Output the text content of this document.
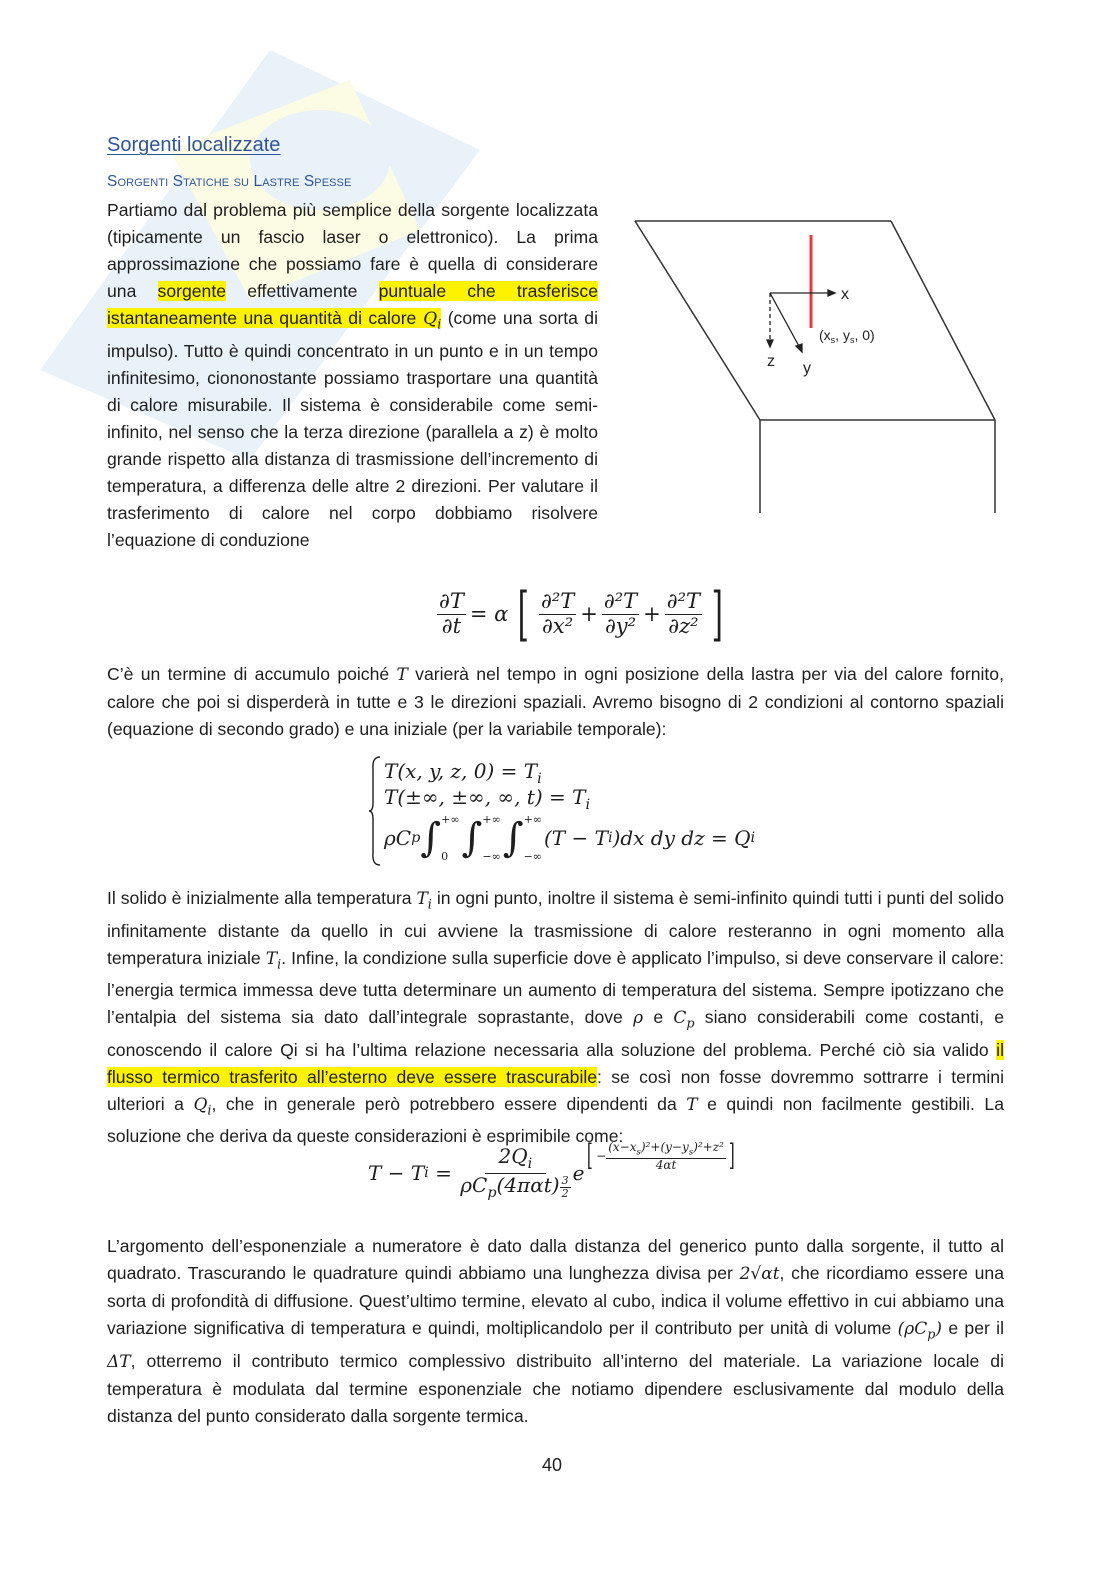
Sorgenti localizzate
Sorgenti Statiche su Lastre Spesse

Partiamo dal problema più semplice della sorgente localizzata (tipicamente un fascio laser o elettronico). La prima approssimazione che possiamo fare è quella di considerare una sorgente effettivamente puntuale che trasferisce istantaneamente una quantità di calore $Q_i$ (come una sorta di impulso). Tutto è quindi concentrato in un punto e in un tempo infinitesimo, ciononostante possiamo trasportare una quantità di calore misurabile. Il sistema è considerabile come semi-infinito, nel senso che la terza direzione (parallela a z) è molto grande rispetto alla distanza di trasmissione dell’incremento di temperatura, a differenza delle altre 2 direzioni. Per valutare il trasferimento di calore nel corpo dobbiamo risolvere l’equazione di conduzione

x
y
z
($x_s$, $y_s$, 0)
$\frac{\partial T}{\partial t} = \alpha$ [ $\frac{\text{∂²T}}{\text{∂x²}} + \frac{\text{∂²T}}{\text{∂y²}} + \frac{\text{∂²T}}{\text{∂z²}}$ ]

C’è un termine di accumulo poiché T varierà nel tempo in ogni posizione della lastra per via del calore fornito, calore che poi si disperderà in tutte e 3 le direzioni spaziali. Avremo bisogno di 2 condizioni al contorno spaziali (equazione di secondo grado) e una iniziale (per la variabile temporale):

T(x, y, z, $0) = T_i$
T(±∞, ±∞, ∞, $t) = T_i$
ρC p ∫ +∞
0 ∫ +∞
−∞ ∫ +∞
−∞
(T − T i )dx dy dz = Q i

Il solido è inizialmente alla temperatura $T_i$ in ogni punto, inoltre il sistema è semi-infinito quindi tutti i punti del solido infinitamente distante da quello in cui avviene la trasmissione di calore resteranno in ogni momento alla temperatura iniziale $T_i$. Infine, la condizione sulla superficie dove è applicato l’impulso, si deve conservare il calore: l’energia termica immessa deve tutta determinare un aumento di temperatura del sistema. Sempre ipotizzano che l’entalpia del sistema sia dato dall’integrale soprastante, dove ρ e $C_p$ siano considerabili come costanti, e conoscendo il calore Qi si ha l’ultima relazione necessaria alla soluzione del problema. Perché ciò sia valido il flusso termico trasferito all’esterno deve essere trascurabile: se così non fosse dovremmo sottrarre i termini ulteriori a $Q_i$, che in generale però potrebbero essere dipendenti da T e quindi non facilmente gestibili. La soluzione che deriva da queste considerazioni è esprimibile come:

T − T $i = \frac{2Q_i}{\rho C_p(4\pi\alpha t) \frac{3}{2}}$ e
[ − $\frac{(x-x_s)^2+(y-y_s)^2+z^2}{4\alpha t}$ ]

L’argomento dell’esponenziale a numeratore è dato dalla distanza del generico punto dalla sorgente, il tutto al quadrato. Trascurando le quadrature quindi abbiamo una lunghezza divisa per 2√αt, che ricordiamo essere una sorta di profondità di diffusione. Quest’ultimo termine, elevato al cubo, indica il volume effettivo in cui abbiamo una variazione significativa di temperatura e quindi, moltiplicandolo per il contributo per unità di volume $(\rho C_p)$ e per il ΔT, otterremo il contributo termico complessivo distribuito all’interno del materiale. La variazione locale di temperatura è modulata dal termine esponenziale che notiamo dipendere esclusivamente dal modulo della distanza del punto considerato dalla sorgente termica.

40
